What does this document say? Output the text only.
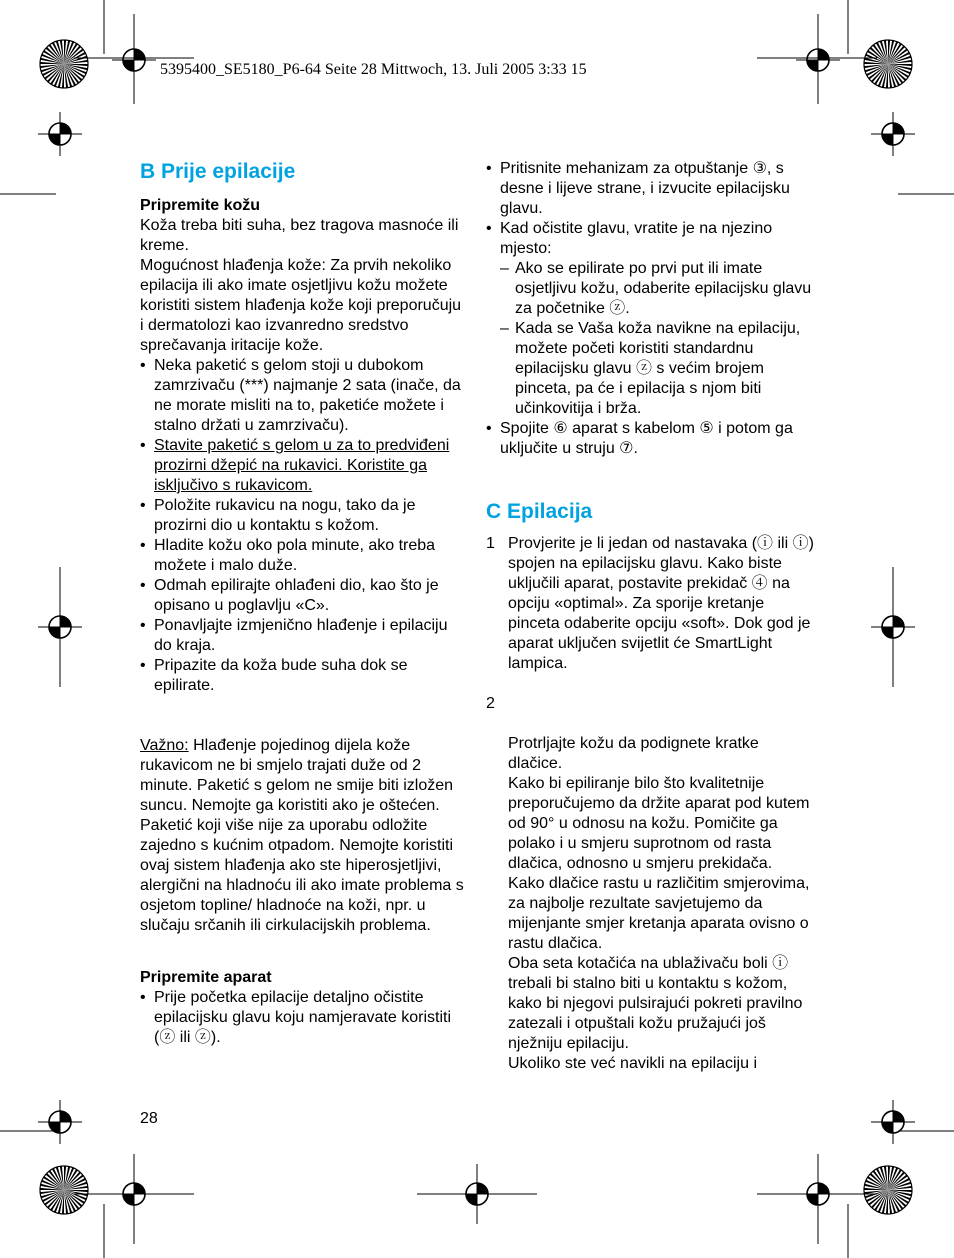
5395400_SE5180_P6-64 Seite 28 Mittwoch, 13. Juli 2005 3:33 15
B Prije epilacije
Pripremite kožu
Koža treba biti suha, bez tragova masnoće ili kreme.
Mogućnost hlađenja kože: Za prvih nekoliko epilacija ili ako imate osjetljivu kožu možete koristiti sistem hlađenja kože koji preporučuju i dermatolozi kao izvanredno sredstvo sprečavanja iritacije kože.
• Neka paketić s gelom stoji u dubokom zamrzivaču (***) najmanje 2 sata (inače, da ne morate misliti na to, paketiće možete i stalno držati u zamrzivaču).
• Stavite paketić s gelom u za to predviđeni prozirni džepić na rukavici. Koristite ga isključivo s rukavicom.
• Položite rukavicu na nogu, tako da je prozirni dio u kontaktu s kožom.
• Hladite kožu oko pola minute, ako treba možete i malo duže.
• Odmah epilirajte ohlađeni dio, kao što je opisano u poglavlju «C».
• Ponavljajte izmjenično hlađenje i epilaciju do kraja.
• Pripazite da koža bude suha dok se epilirate.
Važno: Hlađenje pojedinog dijela kože rukavicom ne bi smjelo trajati duže od 2 minute. Paketić s gelom ne smije biti izložen suncu. Nemojte ga koristiti ako je oštećen. Paketić koji više nije za uporabu odložite zajedno s kućnim otpadom. Nemojte koristiti ovaj sistem hlađenja ako ste hiperosjetljivi, alergični na hladnoću ili ako imate problema s osjetom topline/ hladnoće na koži, npr. u slučaju srčanih ili cirkulacijskih problema.
Pripremite aparat
• Prije početka epilacije detaljno očistite epilacijsku glavu koju namjeravate koristiti (ⓩ ili ⓩ).
• Pritisnite mehanizam za otpuštanje ③, s desne i lijeve strane, i izvucite epilacijsku glavu.
• Kad očistite glavu, vratite je na njezino mjesto:
– Ako se epilirate po prvi put ili imate osjetljivu kožu, odaberite epilacijsku glavu za početnike ⓩ.
– Kada se Vaša koža navikne na epilaciju, možete početi koristiti standardnu epilacijsku glavu ⓩ s većim brojem pinceta, pa će i epilacija s njom biti učinkovitija i brža.
• Spojite ⑥ aparat s kabelom ⑤ i potom ga uključite u struju ⑦.
C Epilacija
1 Provjerite je li jedan od nastavaka (ⓘ ili ⓘ) spojen na epilacijsku glavu. Kako biste uključili aparat, postavite prekidač ④ na opciju «optimal». Za sporije kretanje pinceta odaberite opciju «soft». Dok god je aparat uključen svijetlit će SmartLight lampica.

2

Protrljajte kožu da podignete kratke dlačice.
Kako bi epiliranje bilo što kvalitetnije preporučujemo da držite aparat pod kutem od 90° u odnosu na kožu. Pomičite ga polako i u smjeru suprotnom od rasta dlačica, odnosno u smjeru prekidača.
Kako dlačice rastu u različitim smjerovima, za najbolje rezultate savjetujemo da mijenjante smjer kretanja aparata ovisno o rastu dlačica.
Oba seta kotačića na ublaživaču boli ⓘ trebali bi stalno biti u kontaktu s kožom, kako bi njegovi pulsirajući pokreti pravilno zatezali i otpuštali kožu pružajući još nježniju epilaciju.
Ukoliko ste već navikli na epilaciju i

28
